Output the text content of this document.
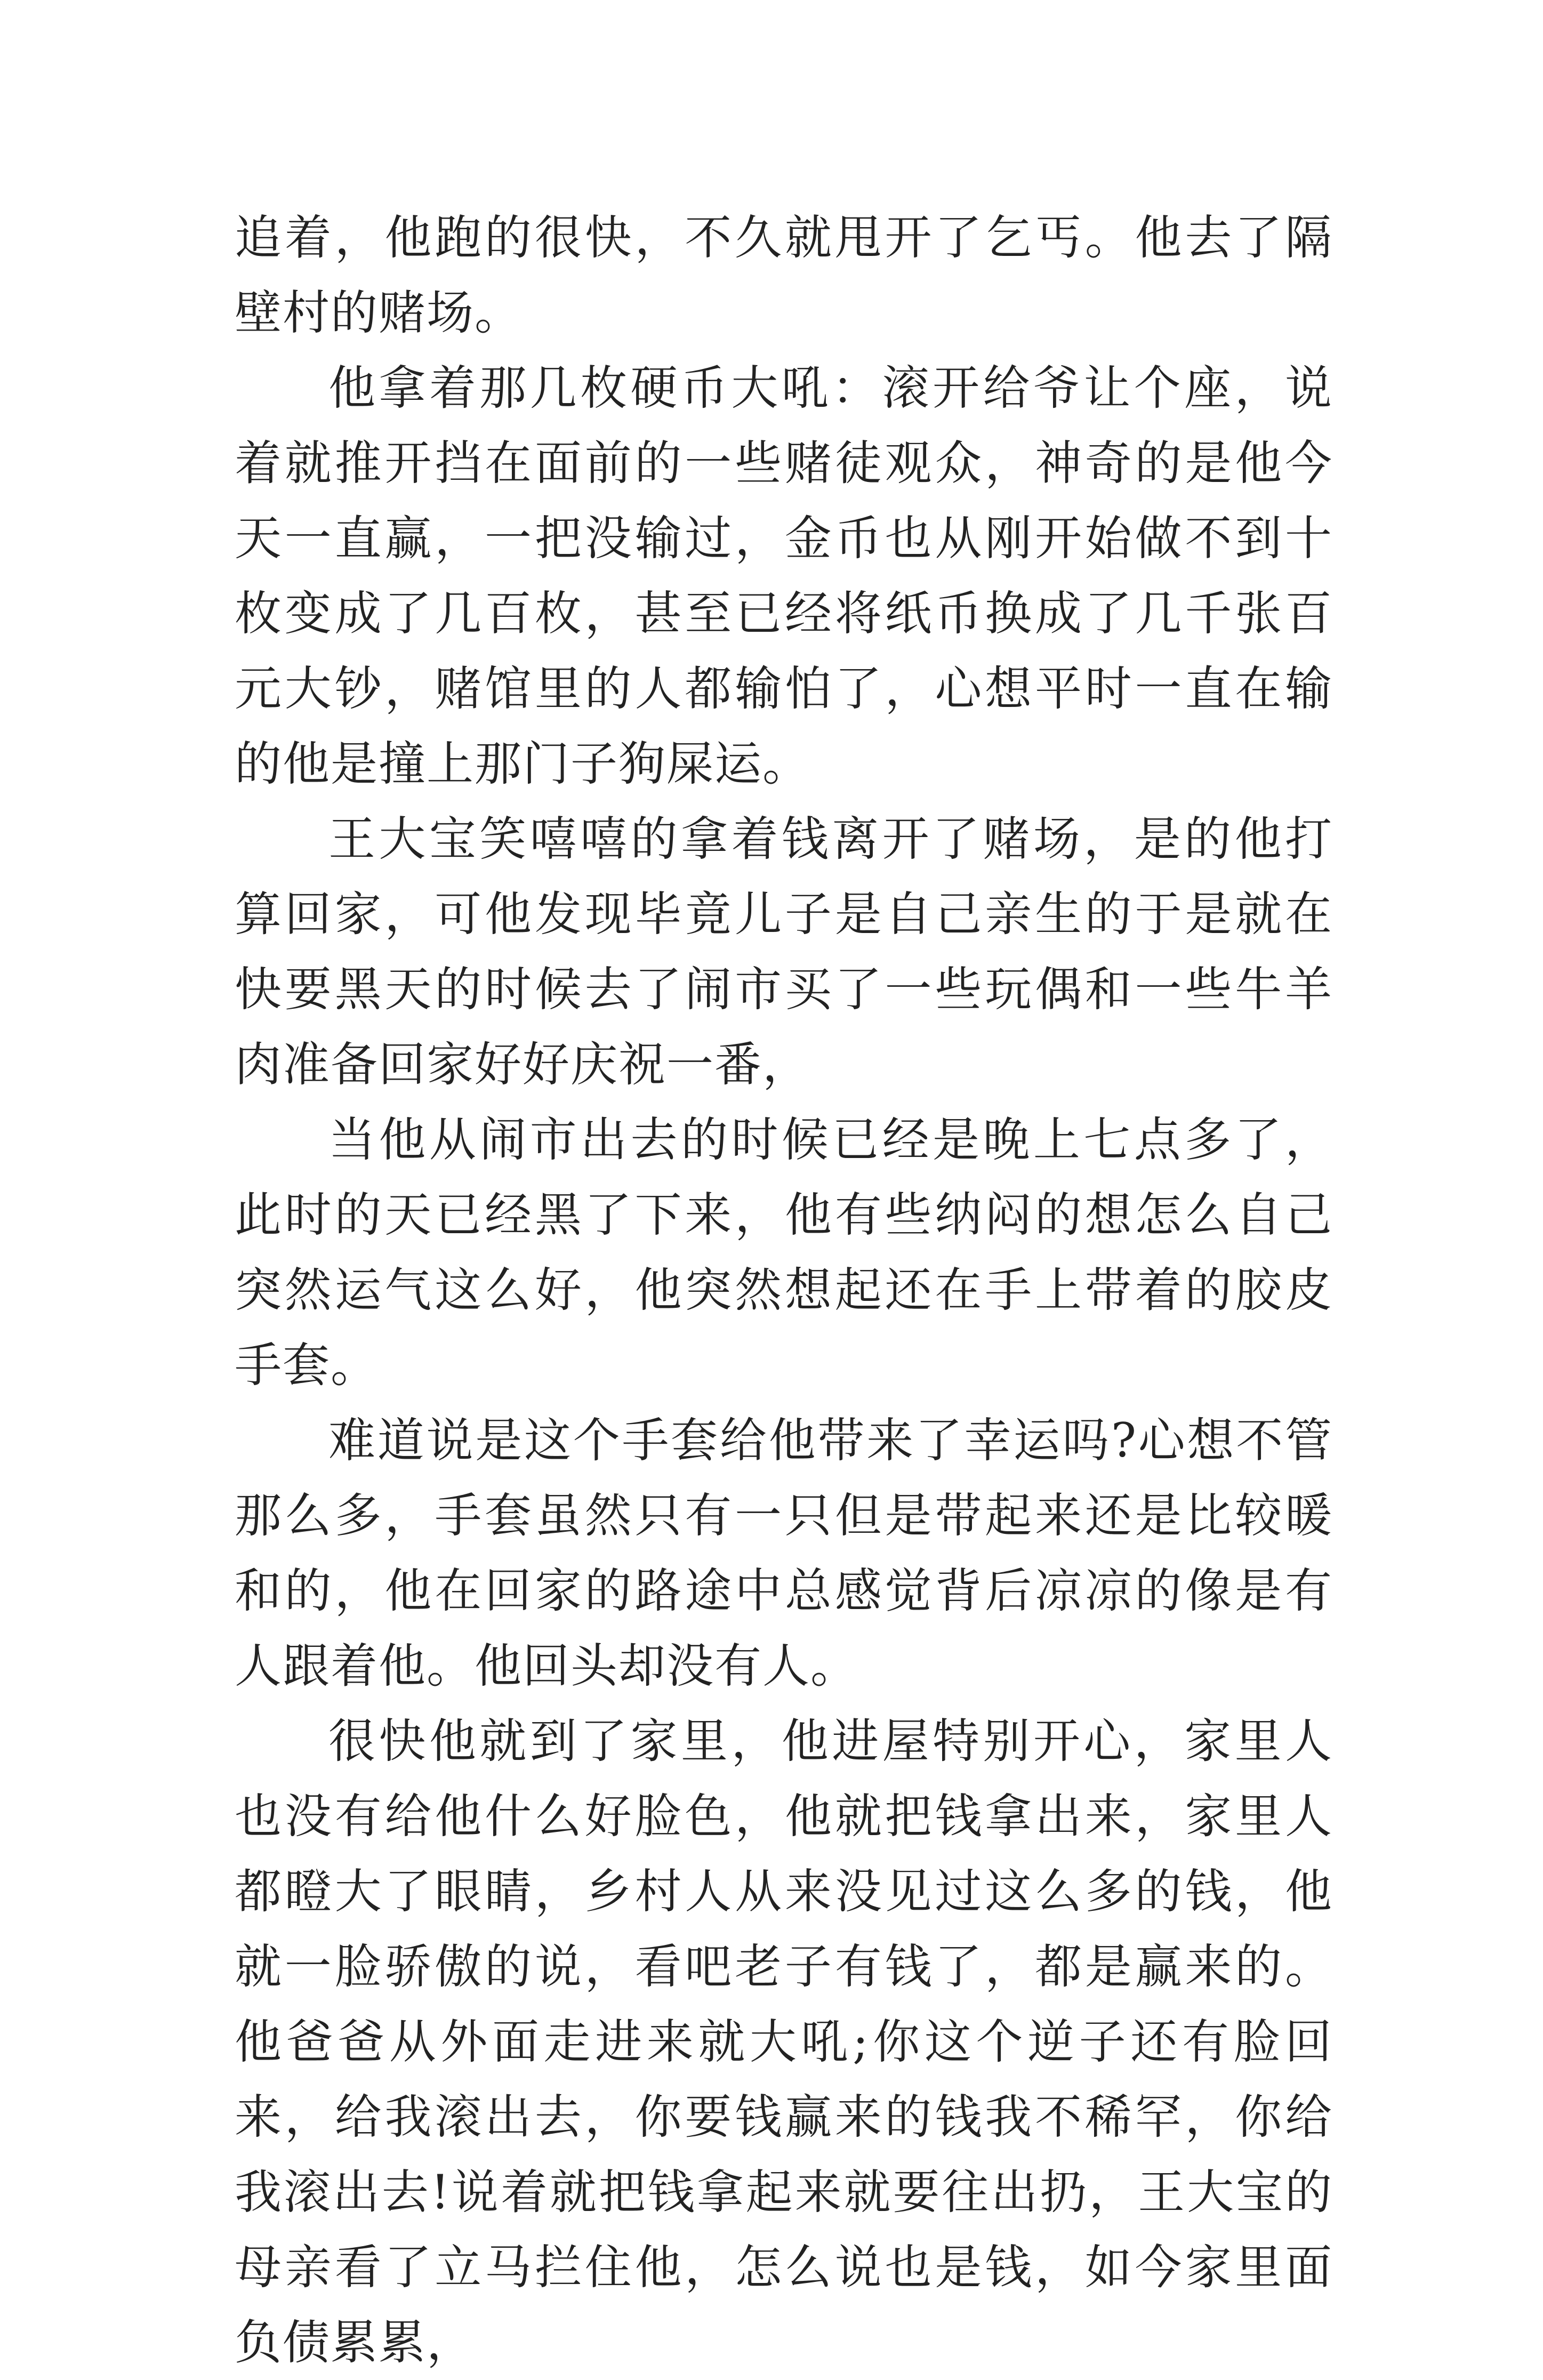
追着，他跑的很快，不久就甩开了乞丐。他去了隔壁村的赌场。

他拿着那几枚硬币大吼：滚开给爷让个座，说着就推开挡在面前的一些赌徒观众，神奇的是他今天一直赢，一把没输过，金币也从刚开始做不到十枚变成了几百枚，甚至已经将纸币换成了几千张百元大钞，赌馆里的人都输怕了，心想平时一直在输的他是撞上那门子狗屎运。

王大宝笑嘻嘻的拿着钱离开了赌场，是的他打算回家，可他发现毕竟儿子是自己亲生的于是就在快要黑天的时候去了闹市买了一些玩偶和一些牛羊肉准备回家好好庆祝一番，

当他从闹市出去的时候已经是晚上七点多了，此时的天已经黑了下来，他有些纳闷的想怎么自己突然运气这么好，他突然想起还在手上带着的胶皮手套。

难道说是这个手套给他带来了幸运吗?心想不管那么多，手套虽然只有一只但是带起来还是比较暖和的，他在回家的路途中总感觉背后凉凉的像是有人跟着他。他回头却没有人。

很快他就到了家里，他进屋特别开心，家里人也没有给他什么好脸色，他就把钱拿出来，家里人都瞪大了眼睛，乡村人从来没见过这么多的钱，他就一脸骄傲的说，看吧老子有钱了，都是赢来的。他爸爸从外面走进来就大吼;你这个逆子还有脸回来，给我滚出去，你要钱赢来的钱我不稀罕，你给我滚出去!说着就把钱拿起来就要往出扔，王大宝的母亲看了立马拦住他，怎么说也是钱，如今家里面负债累累，
